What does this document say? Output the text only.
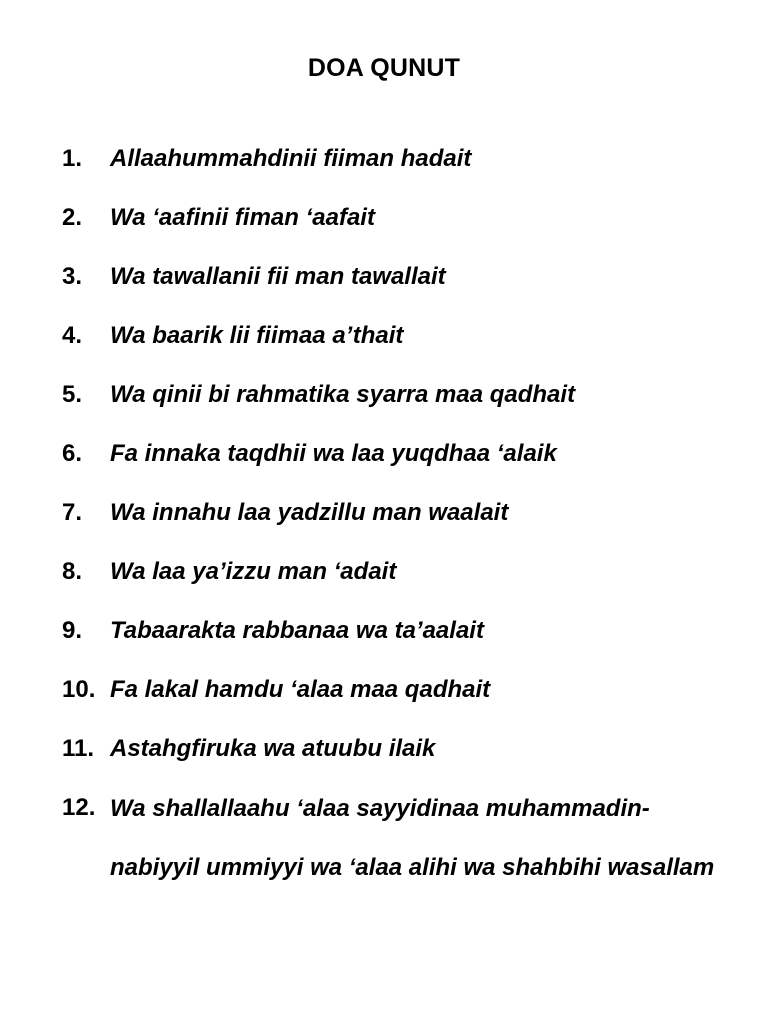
DOA QUNUT
1.	Allaahummahdinii fiiman hadait
2.	Wa ‘aafinii fiman ‘aafait
3.	Wa tawallanii fii man tawallait
4.	Wa baarik lii fiimaa a’thait
5.	Wa qinii bi rahmatika syarra maa qadhait
6.	Fa innaka taqdhii wa laa yuqdhaa ‘alaik
7.	Wa innahu laa yadzillu man waalait
8.	Wa laa ya’izzu man ‘adait
9.	Tabaarakta rabbanaa wa ta’aalait
10. Fa lakal hamdu ‘alaa maa qadhait
11. Astahgfiruka wa atuubu ilaik
12. Wa shallallaahu ‘alaa sayyidinaa muhammadin-nabiyyil ummiyyi wa ‘alaa alihi wa shahbihi wasallam
